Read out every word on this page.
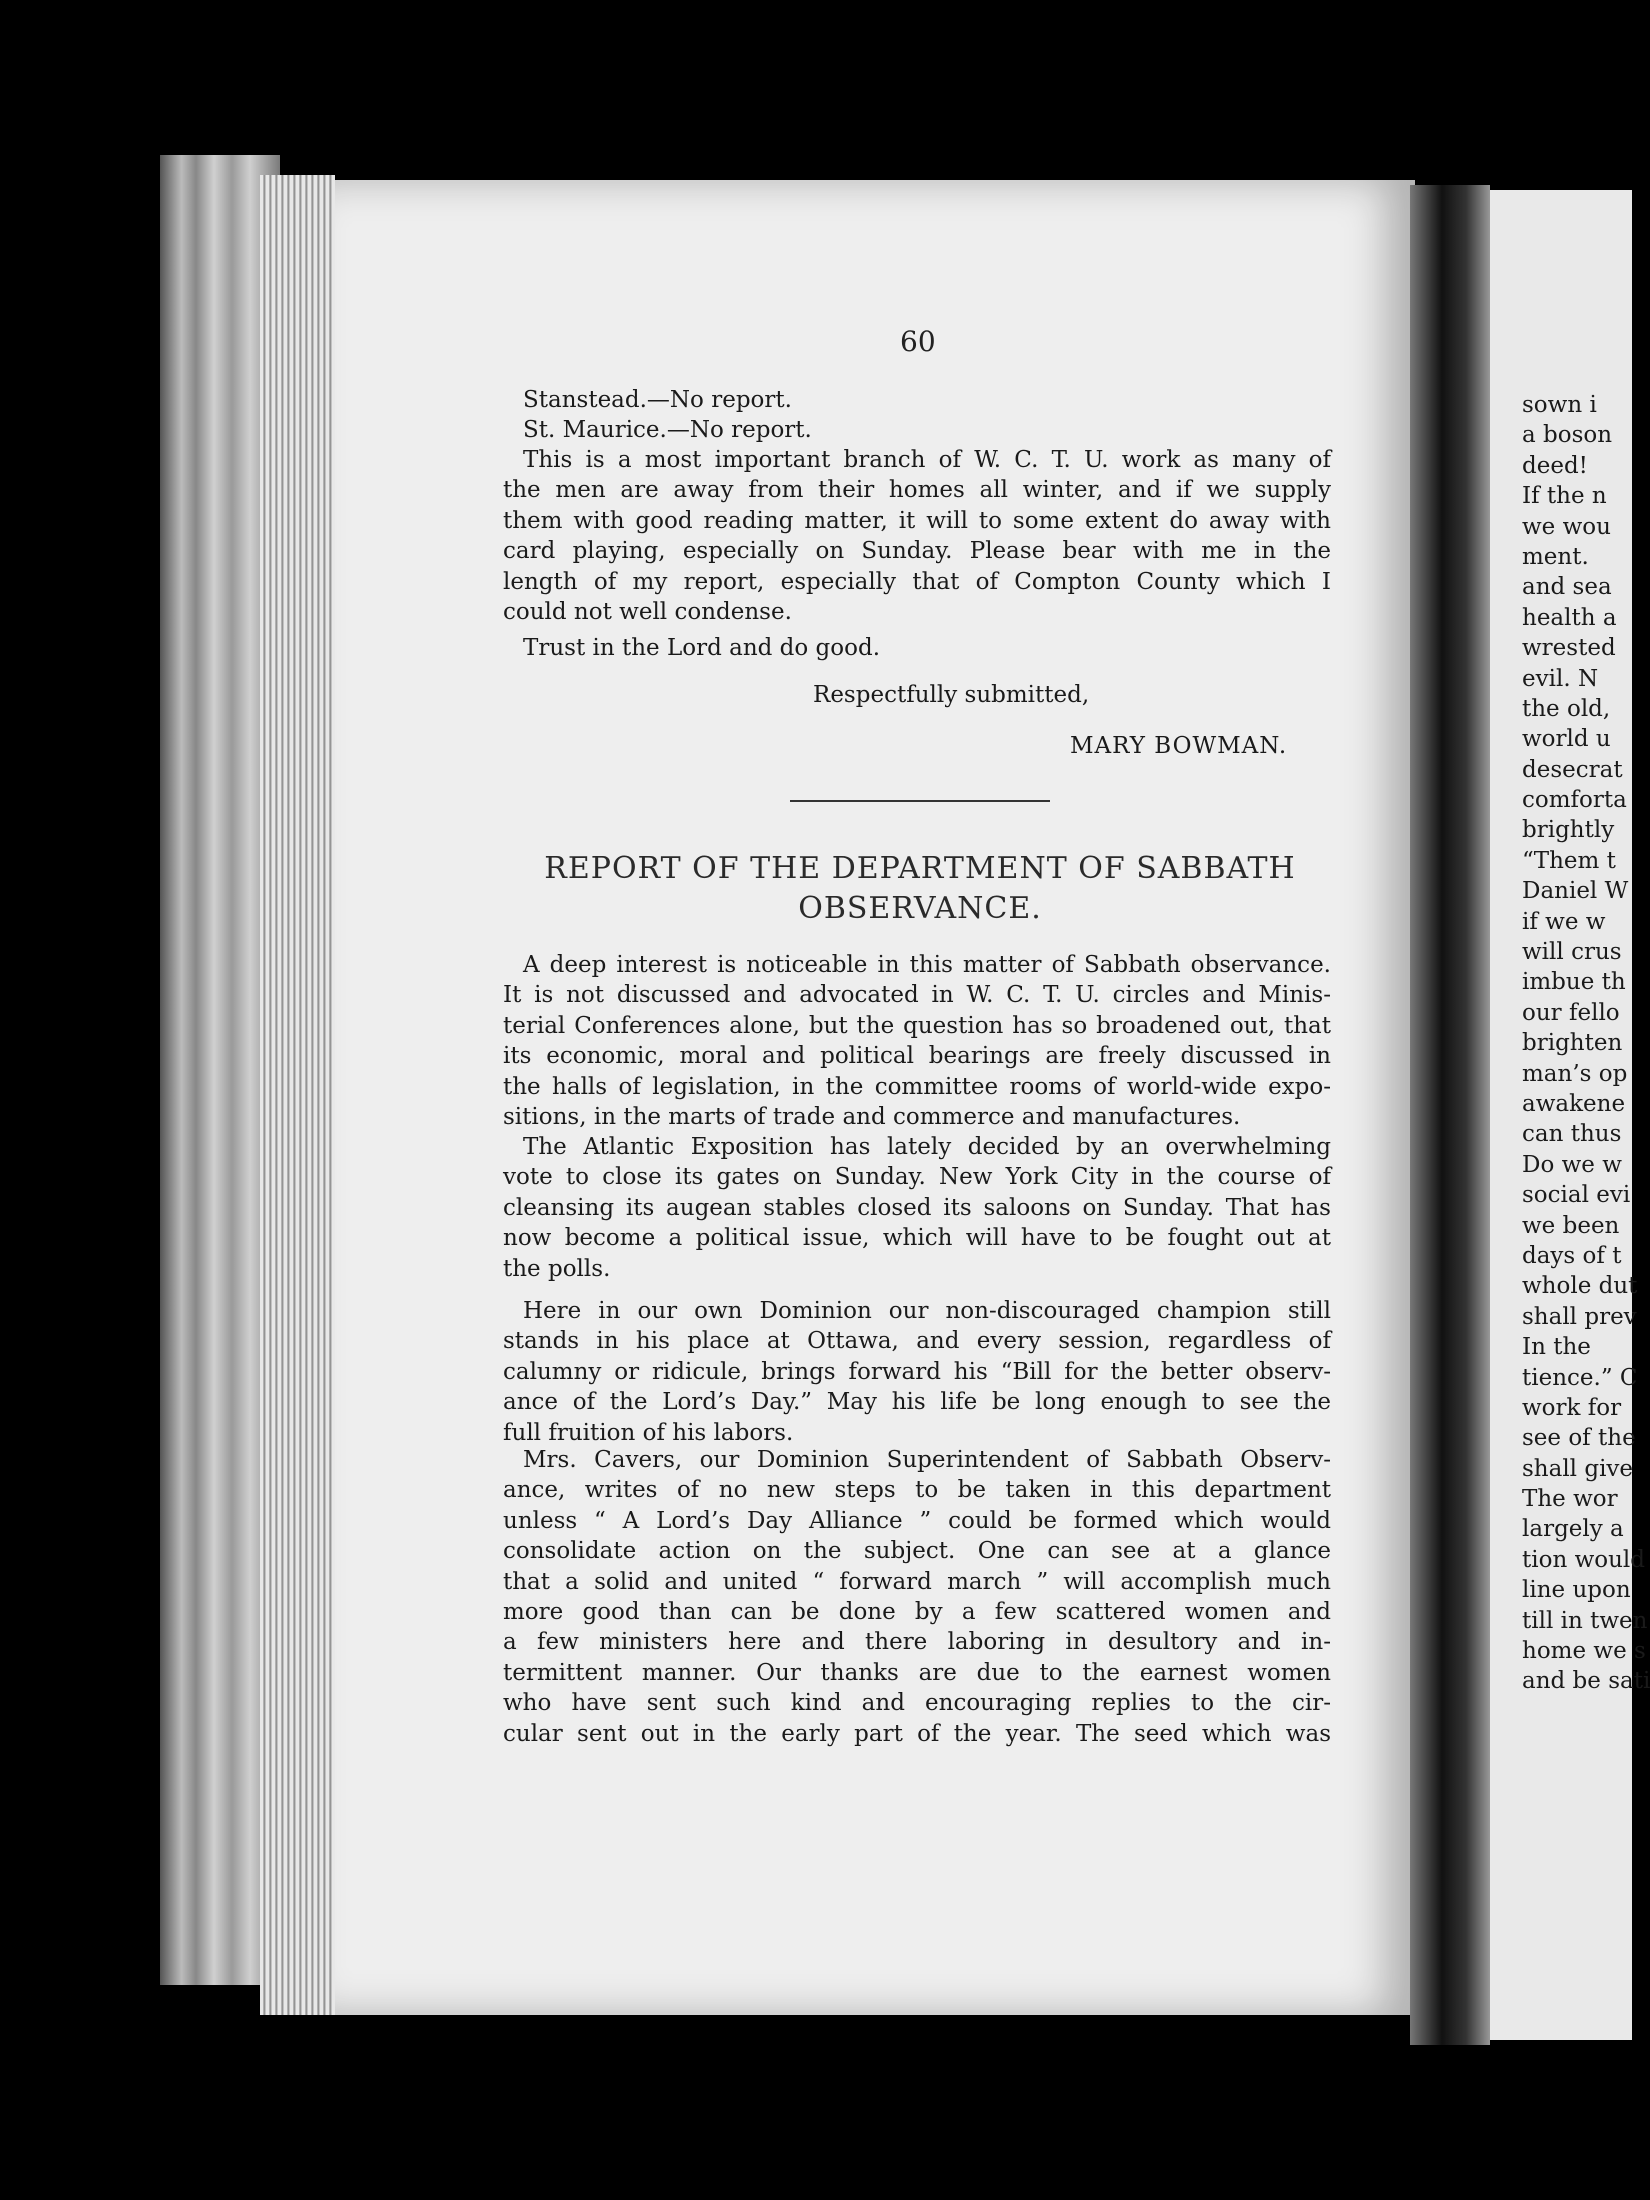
60
Stanstead.—No report.
St. Maurice.—No report.
This is a most important branch of W. C. T. U. work as many of
the men are away from their homes all winter, and if we supply
them with good reading matter, it will to some extent do away with
card playing, especially on Sunday. Please bear with me in the
length of my report, especially that of Compton County which I
could not well condense.
Trust in the Lord and do good.
Respectfully submitted,
MARY BOWMAN.
REPORT OF THE DEPARTMENT OF SABBATH
OBSERVANCE.
A deep interest is noticeable in this matter of Sabbath observance.
It is not discussed and advocated in W. C. T. U. circles and Minis-
terial Conferences alone, but the question has so broadened out, that
its economic, moral and political bearings are freely discussed in
the halls of legislation, in the committee rooms of world-wide expo-
sitions, in the marts of trade and commerce and manufactures.
The Atlantic Exposition has lately decided by an overwhelming
vote to close its gates on Sunday. New York City in the course of
cleansing its augean stables closed its saloons on Sunday. That has
now become a political issue, which will have to be fought out at
the polls.
Here in our own Dominion our non-discouraged champion still
stands in his place at Ottawa, and every session, regardless of
calumny or ridicule, brings forward his “Bill for the better observ-
ance of the Lord’s Day.” May his life be long enough to see the
full fruition of his labors.
Mrs. Cavers, our Dominion Superintendent of Sabbath Observ-
ance, writes of no new steps to be taken in this department
unless “ A Lord’s Day Alliance ” could be formed which would
consolidate action on the subject. One can see at a glance
that a solid and united “ forward march ” will accomplish much
more good than can be done by a few scattered women and
a few ministers here and there laboring in desultory and in-
termittent manner. Our thanks are due to the earnest women
who have sent such kind and encouraging replies to the cir-
cular sent out in the early part of the year. The seed which was
sown i
a boson
deed!
If the n
we wou
ment.
and sea
health a
wrested
evil. N
the old,
world u
desecrat
comforta
brightly
“Them t
Daniel W
if we w
will crus
imbue th
our fello
brighten
man’s op
awakene
can thus
Do we w
social evi
we been
days of t
whole dut
shall prev
In the
tience.” C
work for
see of the
shall give
The wor
largely a
tion would
line upon
till in twen
home we s
and be sati
